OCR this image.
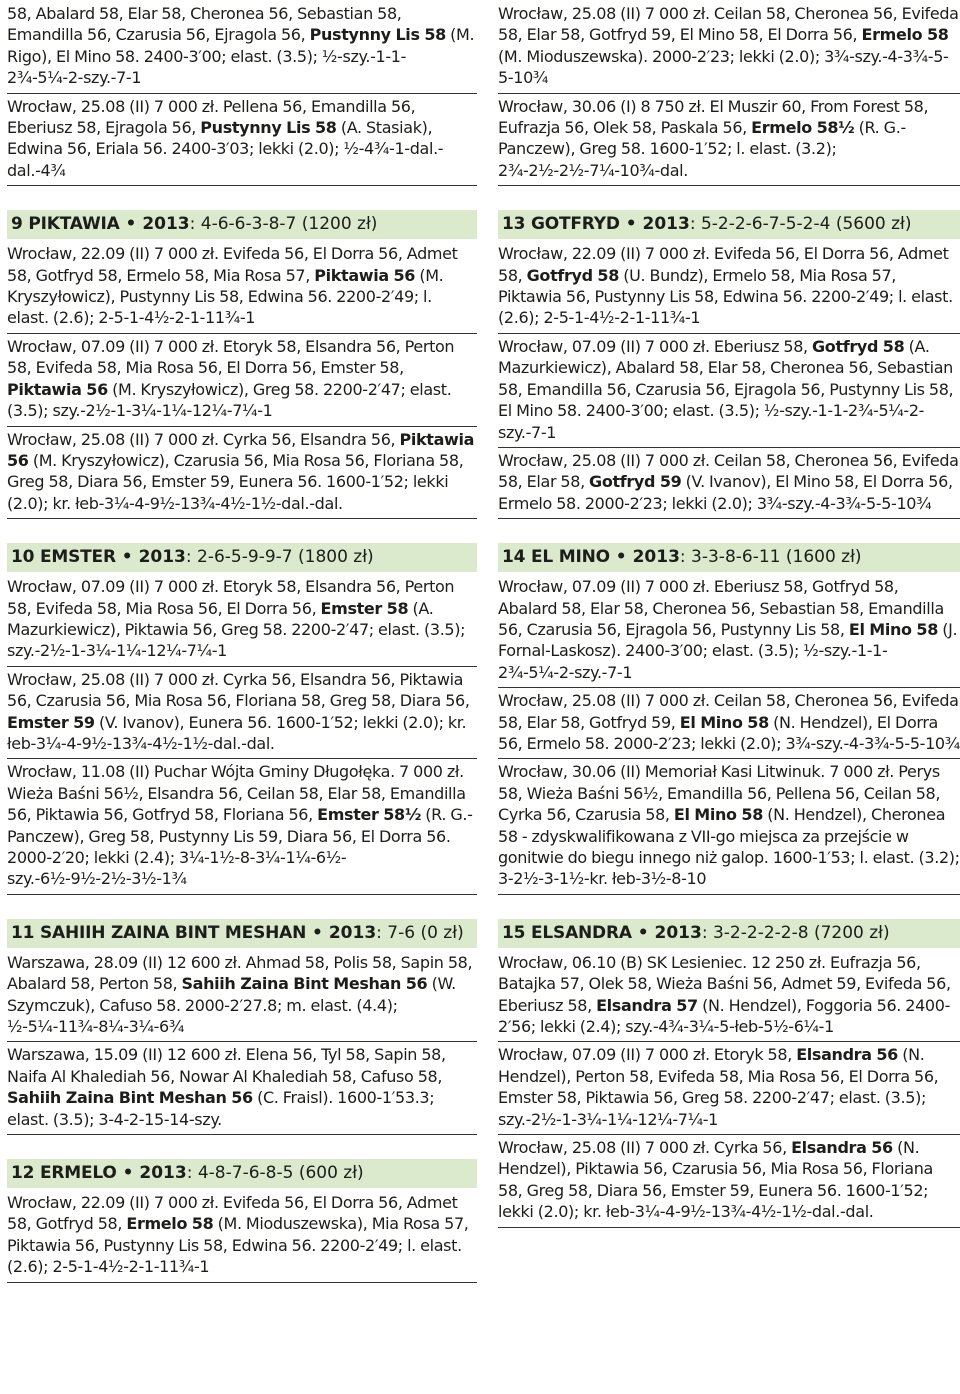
58, Abalard 58, Elar 58, Cheronea 56, Sebastian 58, Emandilla 56, Czarusia 56, Ejragola 56, Pustynny Lis 58 (M. Rigo), El Mino 58. 2400-3′00; elast. (3.5); ½-szy.-1-1-2¾-5¼-2-szy.-7-1

Wrocław, 25.08 (II) 7 000 zł. Pellena 56, Emandilla 56, Eberiusz 58, Ejragola 56, Pustynny Lis 58 (A. Stasiak), Edwina 56, Eriala 56. 2400-3′03; lekki (2.0); ½-4¾-1-dal.-dal.-4¾

9 PIKTAWIA • 2013: 4-6-6-3-8-7 (1200 zł)

Wrocław, 22.09 (II) 7 000 zł. Evifeda 56, El Dorra 56, Admet 58, Gotfryd 58, Ermelo 58, Mia Rosa 57, Piktawia 56 (M. Kryszyłowicz), Pustynny Lis 58, Edwina 56. 2200-2′49; l. elast. (2.6); 2-5-1-4½-2-1-11¾-1

Wrocław, 07.09 (II) 7 000 zł. Etoryk 58, Elsandra 56, Perton 58, Evifeda 58, Mia Rosa 56, El Dorra 56, Emster 58, Piktawia 56 (M. Kryszyłowicz), Greg 58. 2200-2′47; elast. (3.5); szy.-2½-1-3¼-1¼-12¼-7¼-1

Wrocław, 25.08 (II) 7 000 zł. Cyrka 56, Elsandra 56, Piktawia 56 (M. Kryszyłowicz), Czarusia 56, Mia Rosa 56, Floriana 58, Greg 58, Diara 56, Emster 59, Eunera 56. 1600-1′52; lekki (2.0); kr. łeb-3¼-4-9½-13¾-4½-1½-dal.-dal.

10 EMSTER • 2013: 2-6-5-9-9-7 (1800 zł)

Wrocław, 07.09 (II) 7 000 zł. Etoryk 58, Elsandra 56, Perton 58, Evifeda 58, Mia Rosa 56, El Dorra 56, Emster 58 (A. Mazurkiewicz), Piktawia 56, Greg 58. 2200-2′47; elast. (3.5); szy.-2½-1-3¼-1¼-12¼-7¼-1

Wrocław, 25.08 (II) 7 000 zł. Cyrka 56, Elsandra 56, Piktawia 56, Czarusia 56, Mia Rosa 56, Floriana 58, Greg 58, Diara 56, Emster 59 (V. Ivanov), Eunera 56. 1600-1′52; lekki (2.0); kr. łeb-3¼-4-9½-13¾-4½-1½-dal.-dal.

Wrocław, 11.08 (II) Puchar Wójta Gminy Długołęka. 7 000 zł. Wieża Baśni 56½, Elsandra 56, Ceilan 58, Elar 58, Emandilla 56, Piktawia 56, Gotfryd 58, Floriana 56, Emster 58½ (R. G.-Panczew), Greg 58, Pustynny Lis 59, Diara 56, El Dorra 56. 2000-2′20; lekki (2.4); 3¼-1½-8-3¼-1¼-6½-szy.-6½-9½-2½-3½-1¾

11 SAHIIH ZAINA BINT MESHAN • 2013: 7-6 (0 zł)

Warszawa, 28.09 (II) 12 600 zł. Ahmad 58, Polis 58, Sapin 58, Abalard 58, Perton 58, Sahiih Zaina Bint Meshan 56 (W. Szymczuk), Cafuso 58. 2000-2′27.8; m. elast. (4.4); ½-5¼-11¾-8¼-3¼-6¾

Warszawa, 15.09 (II) 12 600 zł. Elena 56, Tyl 58, Sapin 58, Naifa Al Khalediah 56, Nowar Al Khalediah 58, Cafuso 58, Sahiih Zaina Bint Meshan 56 (C. Fraisl). 1600-1′53.3; elast. (3.5); 3-4-2-15-14-szy.

12 ERMELO • 2013: 4-8-7-6-8-5 (600 zł)

Wrocław, 22.09 (II) 7 000 zł. Evifeda 56, El Dorra 56, Admet 58, Gotfryd 58, Ermelo 58 (M. Mioduszewska), Mia Rosa 57, Piktawia 56, Pustynny Lis 58, Edwina 56. 2200-2′49; l. elast. (2.6); 2-5-1-4½-2-1-11¾-1

Wrocław, 25.08 (II) 7 000 zł. Ceilan 58, Cheronea 56, Evifeda 58, Elar 58, Gotfryd 59, El Mino 58, El Dorra 56, Ermelo 58 (M. Mioduszewska). 2000-2′23; lekki (2.0); 3¾-szy.-4-3¾-5-5-10¾

Wrocław, 30.06 (I) 8 750 zł. El Muszir 60, From Forest 58, Eufrazja 56, Olek 58, Paskala 56, Ermelo 58½ (R. G.-Panczew), Greg 58. 1600-1′52; l. elast. (3.2); 2¾-2½-2½-7¼-10¾-dal.

13 GOTFRYD • 2013: 5-2-2-6-7-5-2-4 (5600 zł)

Wrocław, 22.09 (II) 7 000 zł. Evifeda 56, El Dorra 56, Admet 58, Gotfryd 58 (U. Bundz), Ermelo 58, Mia Rosa 57, Piktawia 56, Pustynny Lis 58, Edwina 56. 2200-2′49; l. elast. (2.6); 2-5-1-4½-2-1-11¾-1

Wrocław, 07.09 (II) 7 000 zł. Eberiusz 58, Gotfryd 58 (A. Mazurkiewicz), Abalard 58, Elar 58, Cheronea 56, Sebastian 58, Emandilla 56, Czarusia 56, Ejragola 56, Pustynny Lis 58, El Mino 58. 2400-3′00; elast. (3.5); ½-szy.-1-1-2¾-5¼-2-szy.-7-1

Wrocław, 25.08 (II) 7 000 zł. Ceilan 58, Cheronea 56, Evifeda 58, Elar 58, Gotfryd 59 (V. Ivanov), El Mino 58, El Dorra 56, Ermelo 58. 2000-2′23; lekki (2.0); 3¾-szy.-4-3¾-5-5-10¾

14 EL MINO • 2013: 3-3-8-6-11 (1600 zł)

Wrocław, 07.09 (II) 7 000 zł. Eberiusz 58, Gotfryd 58, Abalard 58, Elar 58, Cheronea 56, Sebastian 58, Emandilla 56, Czarusia 56, Ejragola 56, Pustynny Lis 58, El Mino 58 (J. Fornal-Laskosz). 2400-3′00; elast. (3.5); ½-szy.-1-1-2¾-5¼-2-szy.-7-1

Wrocław, 25.08 (II) 7 000 zł. Ceilan 58, Cheronea 56, Evifeda 58, Elar 58, Gotfryd 59, El Mino 58 (N. Hendzel), El Dorra 56, Ermelo 58. 2000-2′23; lekki (2.0); 3¾-szy.-4-3¾-5-5-10¾

Wrocław, 30.06 (II) Memoriał Kasi Litwinuk. 7 000 zł. Perys 58, Wieża Baśni 56½, Emandilla 56, Pellena 56, Ceilan 58, Cyrka 56, Czarusia 58, El Mino 58 (N. Hendzel), Cheronea 58 - zdyskwalifikowana z VII-go miejsca za przejście w gonitwie do biegu innego niż galop. 1600-1′53; l. elast. (3.2); 3-2½-3-1½-kr. łeb-3½-8-10

15 ELSANDRA • 2013: 3-2-2-2-2-8 (7200 zł)

Wrocław, 06.10 (B) SK Lesieniec. 12 250 zł. Eufrazja 56, Batajka 57, Olek 58, Wieża Baśni 56, Admet 59, Evifeda 56, Eberiusz 58, Elsandra 57 (N. Hendzel), Foggoria 56. 2400-2′56; lekki (2.4); szy.-4¾-3¼-5-łeb-5½-6¼-1

Wrocław, 07.09 (II) 7 000 zł. Etoryk 58, Elsandra 56 (N. Hendzel), Perton 58, Evifeda 58, Mia Rosa 56, El Dorra 56, Emster 58, Piktawia 56, Greg 58. 2200-2′47; elast. (3.5); szy.-2½-1-3¼-1¼-12¼-7¼-1

Wrocław, 25.08 (II) 7 000 zł. Cyrka 56, Elsandra 56 (N. Hendzel), Piktawia 56, Czarusia 56, Mia Rosa 56, Floriana 58, Greg 58, Diara 56, Emster 59, Eunera 56. 1600-1′52; lekki (2.0); kr. łeb-3¼-4-9½-13¾-4½-1½-dal.-dal.
